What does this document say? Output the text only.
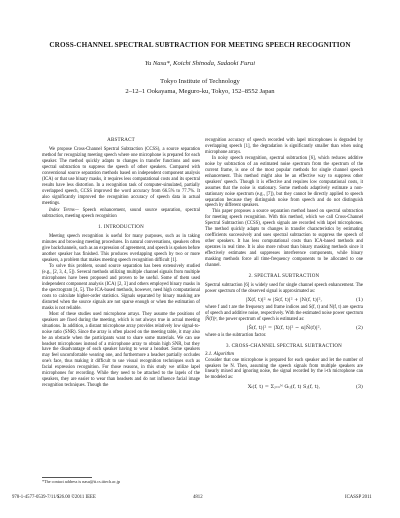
CROSS-CHANNEL SPECTRAL SUBTRACTION FOR MEETING SPEECH RECOGNITION
Yu Nasu*, Koichi Shinoda, Sadaoki Furui
Tokyo Institute of Technology
2–12–1 Ookayama, Meguro-ku, Tokyo, 152–8552 Japan
ABSTRACT

We propose Cross-Channel Spectral Subtraction (CCSS), a source separation method for recognizing meeting speech where one microphone is prepared for each speaker. The method quickly adapts to changes in transfer functions and uses spectral subtraction to suppress the speech of other speakers. Compared with conventional source separation methods based on independent component analysis (ICA) or that use binary masks, it requires less computational costs and its spectral results have less distortion. In a recognition task of computer-simulated, partially overlapped speech, CCSS improved the word accuracy from 66.5% to 77.7%. It also significantly improved the recognition accuracy of speech data in actual meetings.

Index Terms— Speech enhancement, sound source separation, spectral subtraction, meeting speech recognition

1. INTRODUCTION

Meeting speech recognition is useful for many purposes, such as in taking minutes and browsing meeting procedures. In natural conversations, speakers often give backchannels, such as an expression of agreement, and speech is spoken before another speaker has finished. This produces overlapping speech by two or more speakers, a problem that makes meeting speech recognition difficult [1].

To solve this problem, sound source separation has been extensively studied (e.g., [2, 3, 4, 5]). Several methods utilizing multiple channel signals from multiple microphones have been proposed and proven to be useful. Some of them used independent component analysis (ICA) [2, 3] and others employed binary masks in the spectrogram [4, 5]. The ICA-based methods, however, need high computational costs to calculate higher-order statistics. Signals separated by binary masking are distorted when the source signals are not sparse enough or when the estimation of masks is not reliable.

Most of these studies used microphone arrays. They assume the positions of speakers are fixed during the meeting, which is not always true in actual meeting situations. In addition, a distant microphone array provides relatively low signal-to-noise ratio (SNR). Since the array is often placed on the meeting table, it may also be an obstacle when the participants want to share some materials. We can use headset microphones instead of a microphone array to obtain high SNR, but they have the disadvantage of each speaker having to wear a headset. Some speakers may feel uncomfortable wearing one, and furthermore a headset partially occludes one's face, thus making it difficult to use visual recognition techniques such as facial expression recognition. For those reasons, in this study we utilize lapel microphones for recording. While they need to be attached to the lapels of the speakers, they are easier to wear than headsets and do not influence facial image recognition techniques. Though the

recognition accuracy of speech recorded with lapel microphones is degraded by overlapping speech [1], the degradation is significantly smaller than when using microphone arrays.

In noisy speech recognition, spectral subtraction [6], which reduces additive noise by subtraction of an estimated noise spectrum from the spectrum of the current frame, is one of the most popular methods for single channel speech enhancement. This method might also be an effective way to suppress other speakers' speech. Though it is effective and requires low computational costs, it assumes that the noise is stationary. Some methods adaptively estimate a non-stationary noise spectrum (e.g., [7]), but they cannot be directly applied to speech separation because they distinguish noise from speech and do not distinguish speech by different speakers.

This paper proposes a source separation method based on spectral subtraction for meeting speech recognition. With this method, which we call Cross-Channel Spectral Subtraction (CCSS), speech signals are recorded with lapel microphones. The method quickly adapts to changes in transfer characteristics by estimating coefficients successively and uses spectral subtraction to suppress the speech of other speakers. It has less computational costs than ICA-based methods and operates in real time. It is also more robust than binary masking methods since it effectively estimates and suppresses interference components, while binary masking methods force all time-frequency components to be allocated to one channel.

2. SPECTRAL SUBTRACTION

Spectral subtraction [6] is widely used for single channel speech enhancement. The power spectrum of the observed signal is approximated as:

|X(f, t)|² ≈ |S(f, t)|² + |N(f, t)|²,	(1)

where f and t are the frequency and frame indices and S(f, t) and N(f, t) are spectra of speech and additive noise, respectively. With the estimated noise power spectrum |N̂(f)|², the power spectrum of speech is estimated as:

|Ŝ(f, t)|² = |X(f, t)|² − α|N̂(f)|²,	(2)

where α is the subtraction factor.

3. CROSS-CHANNEL SPECTRAL SUBTRACTION
3.1. Algorithm

Consider that one microphone is prepared for each speaker and let the number of speakers be N. Then, assuming the speech signals from multiple speakers are linearly mixed and ignoring noise, the signal recorded by the i-th microphone can be modeled as:

Xᵢ(f, t) = Σⱼ₌₁ᴺ Gᵢⱼ(f, t) Sⱼ(f, t),	(3)
*The contact address is nasu@tt.cs.titech.ac.jp
978-1-4577-0539-7/11/$26.00 ©2011 IEEE	4812	ICASSP 2011
